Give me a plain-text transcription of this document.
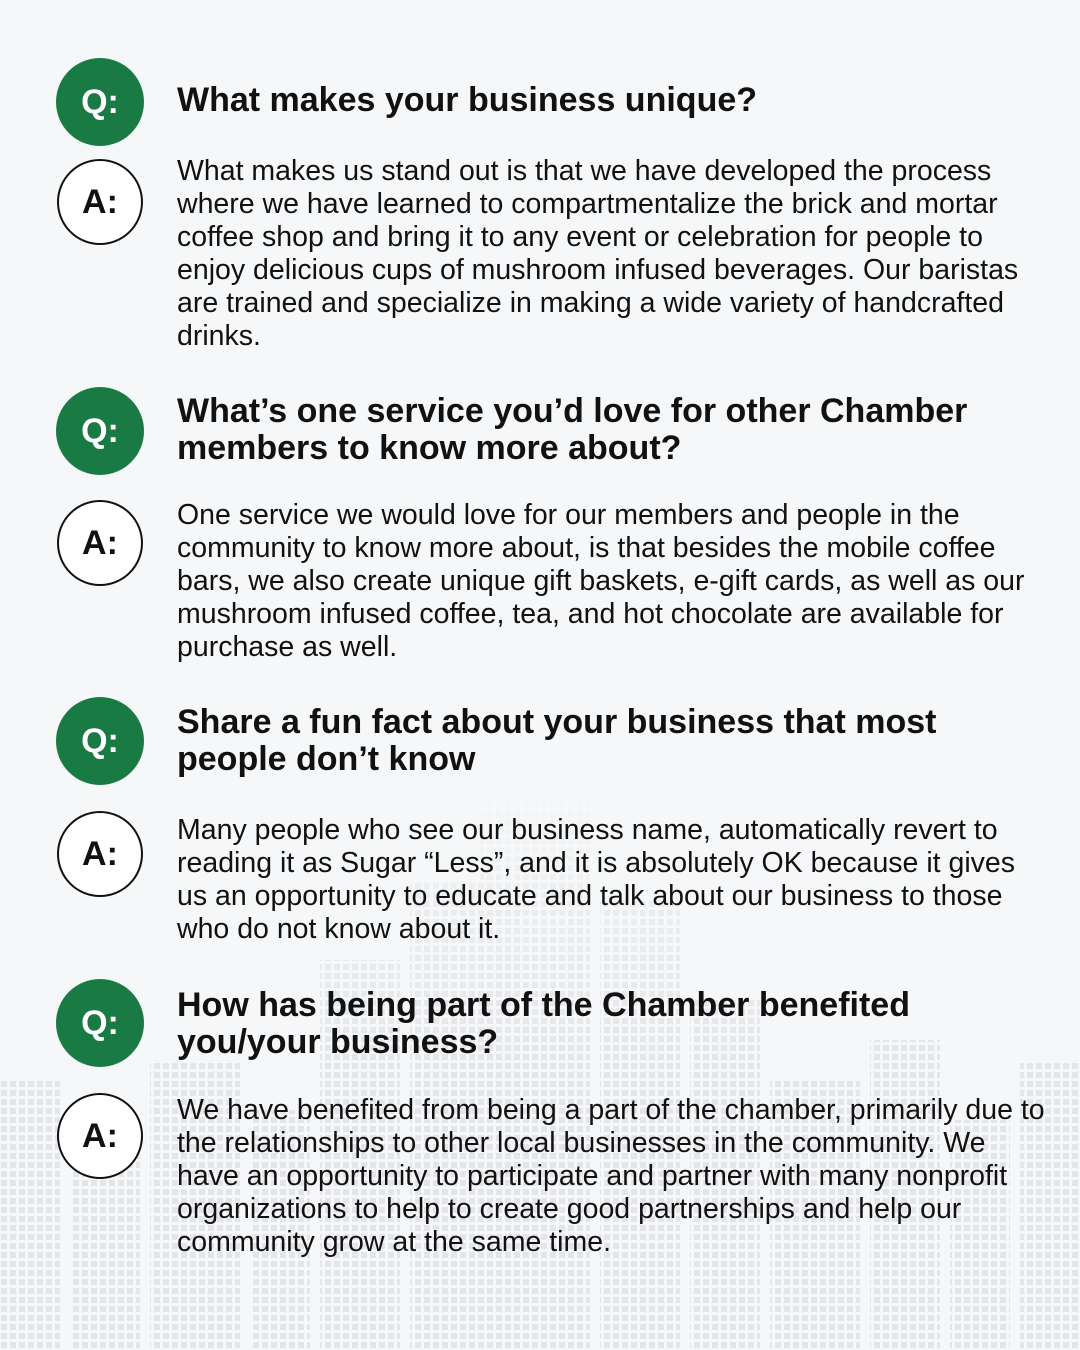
Q:	What makes your business unique?
A:

What makes us stand out is that we have developed the process where we have learned to compartmentalize the brick and mortar coffee shop and bring it to any event or celebration for people to enjoy delicious cups of mushroom infused beverages. Our baristas are trained and specialize in making a wide variety of handcrafted drinks.

Q:
What’s one service you’d love for other Chamber members to know more about?
A:

One service we would love for our members and people in the community to know more about, is that besides the mobile coffee bars, we also create unique gift baskets, e-gift cards, as well as our mushroom infused coffee, tea, and hot chocolate are available for purchase as well.

Q:	Share a fun fact about your business that most people don’t know
A:

Many people who see our business name, automatically revert to reading it as Sugar “Less”, and it is absolutely OK because it gives us an opportunity to educate and talk about our business to those who do not know about it.

Q:	How has being part of the Chamber benefited you/your business?
A:

We have benefited from being a part of the chamber, primarily due to the relationships to other local businesses in the community. We have an opportunity to participate and partner with many nonprofit organizations to help to create good partnerships and help our community grow at the same time.
